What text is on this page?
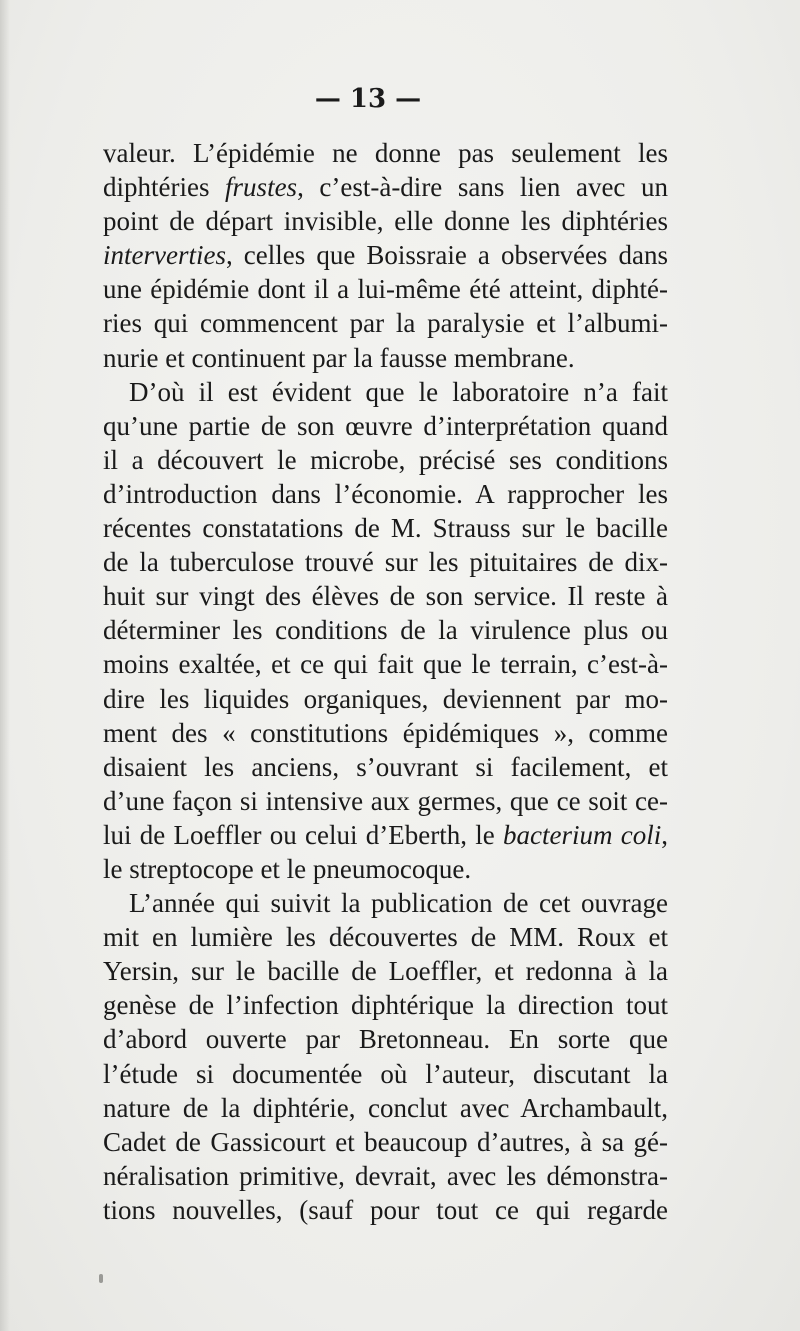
— 13 —
valeur. L’épidémie ne donne pas seulement les
diphtéries frustes, c’est-à-dire sans lien avec un
point de départ invisible, elle donne les diphtéries
interverties, celles que Boissraie a observées dans
une épidémie dont il a lui-même été atteint, diphté-
ries qui commencent par la paralysie et l’albumi-
nurie et continuent par la fausse membrane.
D’où il est évident que le laboratoire n’a fait
qu’une partie de son œuvre d’interprétation quand
il a découvert le microbe, précisé ses conditions
d’introduction dans l’économie. A rapprocher les
récentes constatations de M. Strauss sur le bacille
de la tuberculose trouvé sur les pituitaires de dix-
huit sur vingt des élèves de son service. Il reste à
déterminer les conditions de la virulence plus ou
moins exaltée, et ce qui fait que le terrain, c’est-à-
dire les liquides organiques, deviennent par mo-
ment des « constitutions épidémiques », comme
disaient les anciens, s’ouvrant si facilement, et
d’une façon si intensive aux germes, que ce soit ce-
lui de Loeffler ou celui d’Eberth, le bacterium coli,
le streptocope et le pneumocoque.
L’année qui suivit la publication de cet ouvrage
mit en lumière les découvertes de MM. Roux et
Yersin, sur le bacille de Loeffler, et redonna à la
genèse de l’infection diphtérique la direction tout
d’abord ouverte par Bretonneau. En sorte que
l’étude si documentée où l’auteur, discutant la
nature de la diphtérie, conclut avec Archambault,
Cadet de Gassicourt et beaucoup d’autres, à sa gé-
néralisation primitive, devrait, avec les démonstra-
tions nouvelles, (sauf pour tout ce qui regarde
